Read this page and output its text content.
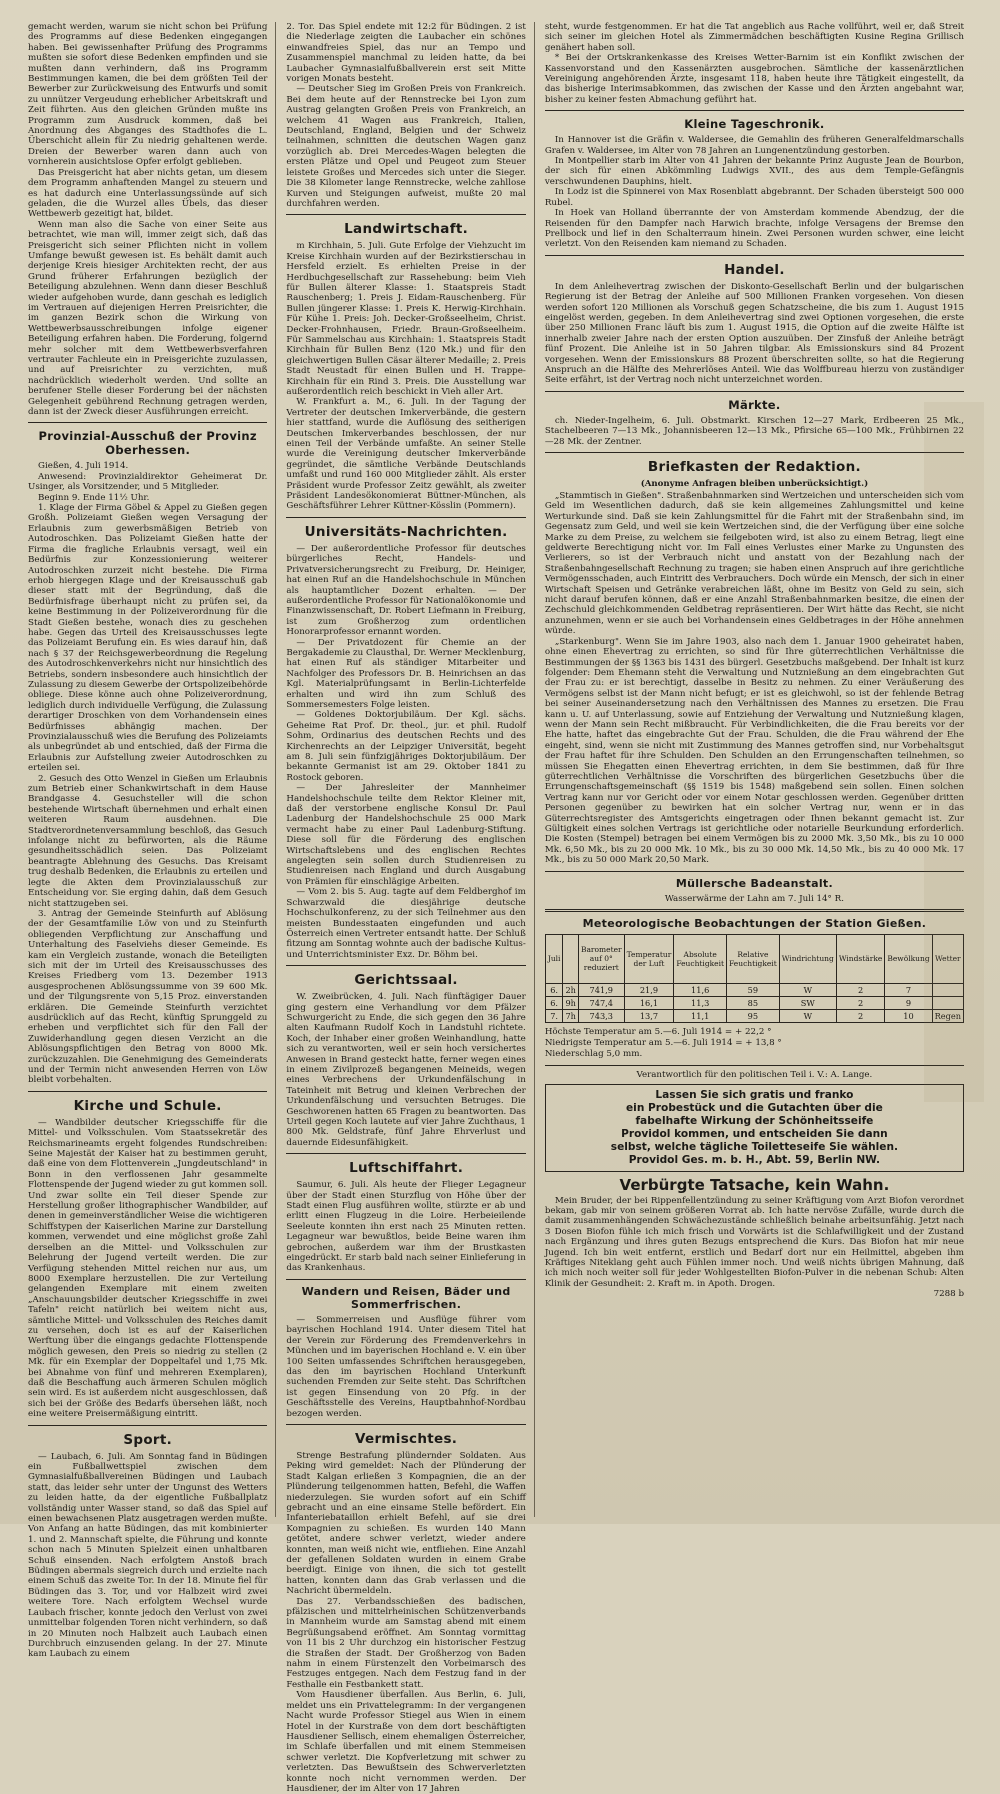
gemacht werden, warum sie nicht schon bei Prüfung des Programms auf diese Bedenken eingegangen haben. Bei gewissenhafter Prüfung des Programms mußten sie sofort diese Bedenken empfinden und sie mußten dann verhindern, daß ins Programm Bestimmungen kamen, die bei dem größten Teil der Bewerber zur Zurückweisung des Entwurfs und somit zu unnützer Vergeudung erheblicher Arbeitskraft und Zeit führten. Aus den gleichen Gründen mußte ins Programm zum Ausdruck kommen, daß bei Anordnung des Abganges des Stadthofes die L. Überschicht allein für Zu niedrig gehaltenen werde. Dreien der Bewerber waren dann auch von vornherein ausichtslose Opfer erfolgt geblieben.

Das Preisgericht hat aber nichts getan, um diesem dem Programm anhaftenden Mangel zu steuern und es hat dadurch eine Unterlassungssünde auf sich geladen, die die Wurzel alles Übels, das dieser Wettbewerb gezeitigt hat, bildet.

Wenn man also die Sache von einer Seite aus betrachtet, wie man will, immer zeigt sich, daß das Preisgericht sich seiner Pflichten nicht in vollem Umfange bewußt gewesen ist. Es behält damit auch derjenige Kreis hiesiger Architekten recht, der aus Grund früherer Erfahrungen bezüglich der Beteiligung abzulehnen. Wenn dann dieser Beschluß wieder aufgehoben wurde, dann geschah es lediglich im Vertrauen auf diejenigen Herren Preisrichter, die im ganzen Bezirk schon die Wirkung von Wettbewerbsausschreibungen infolge eigener Beteiligung erfahren haben. Die Forderung, folgernd mehr solcher mit dem Wettbewerbsverfahren vertrauter Fachleute ein in Preisgerichte zuzulassen, und auf Preisrichter zu verzichten, muß nachdrücklich wiederholt werden. Und sollte an berufener Stelle dieser Forderung bei der nächsten Gelegenheit gebührend Rechnung getragen werden, dann ist der Zweck dieser Ausführungen erreicht.

Provinzial-Ausschuß der Provinz Oberhessen.

Gießen, 4. Juli 1914.

Anwesend: Provinzialdirektor Geheimerat Dr. Usinger, als Vorsitzender, und 5 Mitglieder.

Beginn 9. Ende 11½ Uhr.

1. Klage der Firma Göbel & Appel zu Gießen gegen Großh. Polizeiamt Gießen wegen Versagung der Erlaubnis zum gewerbsmäßigen Betrieb von Autodroschken. Das Polizeiamt Gießen hatte der Firma die fragliche Erlaubnis versagt, weil ein Bedürfnis zur Konzessionierung weiterer Autodroschken zurzeit nicht bestehe. Die Firma erhob hiergegen Klage und der Kreisausschuß gab dieser statt mit der Begründung, daß die Bedürfnisfrage überhaupt nicht zu prüfen sei, da keine Bestimmung in der Polizeiverordnung für die Stadt Gießen bestehe, wonach dies zu geschehen habe. Gegen das Urteil des Kreisausschusses legte das Polizeiamt Berufung ein. Es wies darauf hin, daß nach § 37 der Reichsgewerbeordnung die Regelung des Autodroschkenverkehrs nicht nur hinsichtlich des Betriebs, sondern insbesondere auch hinsichtlich der Zulassung zu diesem Gewerbe der Ortspolizeibehörde obliege. Diese könne auch ohne Polizeiverordnung, lediglich durch individuelle Verfügung, die Zulassung derartiger Droschken von dem Vorhandensein eines Bedürfnisses abhängig machen. Der Provinzialausschuß wies die Berufung des Polizeiamts als unbegründet ab und entschied, daß der Firma die Erlaubnis zur Aufstellung zweier Autodroschken zu erteilen sei.

2. Gesuch des Otto Wenzel in Gießen um Erlaubnis zum Betrieb einer Schankwirtschaft in dem Hause Brandgasse 4. Gesuchsteller will die schon bestehende Wirtschaft übernehmen und erhalt einen weiteren Raum ausdehnen. Die Stadtverordnetenversammlung beschloß, das Gesuch infolange nicht zu befürworten, als die Räume gesundheitsschädlich seien. Das Polizeiamt beantragte Ablehnung des Gesuchs. Das Kreisamt trug deshalb Bedenken, die Erlaubnis zu erteilen und legte die Akten dem Provinzialausschuß zur Entscheidung vor. Sie erging dahin, daß dem Gesuch nicht stattzugeben sei.

3. Antrag der Gemeinde Steinfurth auf Ablösung der der Gesamtfamilie Löw von und zu Steinfurth obliegenden Verpflichtung zur Anschaffung und Unterhaltung des Faselviehs dieser Gemeinde. Es kam ein Vergleich zustande, wonach die Beteiligten sich mit der im Urteil des Kreisausschusses des Kreises Friedberg vom 13. Dezember 1913 ausgesprochenen Ablösungssumme von 39 600 Mk. und der Tilgungsrente von 5,15 Proz. einverstanden erklären. Die Gemeinde Steinfurth verzichtet ausdrücklich auf das Recht, künftig Sprunggeld zu erheben und verpflichtet sich für den Fall der Zuwiderhandlung gegen diesen Verzicht an die Ablösungspflichtigen den Betrag von 8000 Mk. zurückzuzahlen. Die Genehmigung des Gemeinderats und der Termin nicht anwesenden Herren von Löw bleibt vorbehalten.

Kirche und Schule.

— Wandbilder deutscher Kriegsschiffe für die Mittel- und Volksschulen. Vom Staatssekretär des Reichsmarineamts ergeht folgendes Rundschreiben: Seine Majestät der Kaiser hat zu bestimmen geruht, daß eine von dem Flottenverein „Jungdeutschland" in Bonn in den verflossenen Jahr gesammelte Flottenspende der Jugend wieder zu gut kommen soll. Und zwar sollte ein Teil dieser Spende zur Herstellung großer lithographischer Wandbilder, auf denen in gemeinverständlicher Weise die wichtigeren Schiffstypen der Kaiserlichen Marine zur Darstellung kommen, verwendet und eine möglichst große Zahl derselben an die Mittel- und Volksschulen zur Belehrung der Jugend verteilt werden. Die zur Verfügung stehenden Mittel reichen nur aus, um 8000 Exemplare herzustellen. Die zur Verteilung gelangenden Exemplare mit einem zweiten „Anschauungsbilder deutscher Kriegsschiffe in zwei Tafeln" reicht natürlich bei weitem nicht aus, sämtliche Mittel- und Volksschulen des Reiches damit zu versehen, doch ist es auf der Kaiserlichen Werftung über die eingangs gedachte Flottenspende möglich gewesen, den Preis so niedrig zu stellen (2 Mk. für ein Exemplar der Doppeltafel und 1,75 Mk. bei Abnahme von fünf und mehreren Exemplaren), daß die Beschaffung auch ärmeren Schulen möglich sein wird. Es ist außerdem nicht ausgeschlossen, daß sich bei der Größe des Bedarfs übersehen läßt, noch eine weitere Preisermäßigung eintritt.

Sport.

— Laubach, 6. Juli. Am Sonntag fand in Büdingen ein Fußballwettspiel zwischen dem Gymnasialfußballvereinen Büdingen und Laubach statt, das leider sehr unter der Ungunst des Wetters zu leiden hatte, da der eigentliche Fußballplatz vollständig unter Wasser stand, so daß das Spiel auf einen bewachsenen Platz ausgetragen werden mußte. Von Anfang an hatte Büdingen, das mit kombinierter 1. und 2. Mannschaft spielte, die Führung und konnte schon nach 5 Minuten Spielzeit einen unhaltbaren Schuß einsenden. Nach erfolgtem Anstoß brach Büdingen abermals siegreich durch und erzielte nach einem Schuß das zweite Tor. In der 18. Minute fiel für Büdingen das 3. Tor, und vor Halbzeit wird zwei weitere Tore. Nach erfolgtem Wechsel wurde Laubach frischer, konnte jedoch den Verlust von zwei unmittelbar folgenden Toren nicht verhindern, so daß in 20 Minuten noch Halbzeit auch Laubach einen Durchbruch einzusenden gelang. In der 27. Minute kam Laubach zu einem

2. Tor. Das Spiel endete mit 12:2 für Büdingen. 2 ist die Niederlage zeigten die Laubacher ein schönes einwandfreies Spiel, das nur an Tempo und Zusammenspiel manchmal zu leiden hatte, da bei Laubacher Gymnasialfußballverein erst seit Mitte vorigen Monats besteht.

— Deutscher Sieg im Großen Preis von Frankreich. Bei dem heute auf der Rennstrecke bei Lyon zum Austrag gelangten Großen Preis von Frankreich, an welchem 41 Wagen aus Frankreich, Italien, Deutschland, England, Belgien und der Schweiz teilnahmen, schnitten die deutschen Wagen ganz vorzüglich ab. Drei Mercedes-Wagen belegten die ersten Plätze und Opel und Peugeot zum Steuer leistete Großes und Mercedes sich unter die Sieger. Die 38 Kilometer lange Rennstrecke, welche zahllose Kurven und Steigungen aufweist, mußte 20 mal durchfahren werden.

Landwirtschaft.

m Kirchhain, 5. Juli. Gute Erfolge der Viehzucht im Kreise Kirchhain wurden auf der Bezirkstierschau in Hersfeld erzielt. Es erhielten Preise in der Herdbuchgesellschaft zur Rassehebung: beim Vieh für Bullen älterer Klasse: 1. Staatspreis Stadt Rauschenberg; 1. Preis J. Eidam-Rauschenberg. Für Bullen jüngerer Klasse: 1. Preis K. Herwig-Kirchhain. Für Kühe 1. Preis: Joh. Decker-Großseelheim, Christ. Decker-Frohnhausen, Friedr. Braun-Großseelheim. Für Sammelschau aus Kirchhain: 1. Staatspreis Stadt Kirchhain für Bullen Benz (120 Mk.) und für den gleichwertigen Bullen Cäsar älterer Medaille; 2. Preis Stadt Neustadt für einen Bullen und H. Trappe-Kirchhain für ein Rind 3. Preis. Die Ausstellung war außerordentlich reich beschickt in Vieh aller Art.

W. Frankfurt a. M., 6. Juli. In der Tagung der Vertreter der deutschen Imkerverbände, die gestern hier stattfand, wurde die Auflösung des seitherigen Deutschen Imkerverbandes beschlossen, der nur einen Teil der Verbände umfaßte. An seiner Stelle wurde die Vereinigung deutscher Imkerverbände gegründet, die sämtliche Verbände Deutschlands umfaßt und rund 160 000 Mitglieder zählt. Als erster Präsident wurde Professor Zeitz gewählt, als zweiter Präsident Landesökonomierat Büttner-München, als Geschäftsführer Lehrer Küttner-Kösslin (Pommern).

Universitäts-Nachrichten.

— Der außerordentliche Professor für deutsches bürgerliches Recht, Handels- und Privatversicherungsrecht zu Freiburg, Dr. Heiniger, hat einen Ruf an die Handelshochschule in München als hauptamtlicher Dozent erhalten. — Der außerordentliche Professor für Nationalökonomie und Finanzwissenschaft, Dr. Robert Liefmann in Freiburg, ist zum Großherzog zum ordentlichen Honorarprofessor ernannt worden.

— Der Privatdozent für Chemie an der Bergakademie zu Clausthal, Dr. Werner Mecklenburg, hat einen Ruf als ständiger Mitarbeiter und Nachfolger des Professors Dr. B. Heinrichsen an das Kgl. Materialprüfungsamt in Berlin-Lichterfelde erhalten und wird ihn zum Schluß des Sommersemesters Folge leisten.

— Goldenes Doktorjubiläum. Der Kgl. sächs. Geheime Rat Prof. Dr. theol., jur. et phil. Rudolf Sohm, Ordinarius des deutschen Rechts und des Kirchenrechts an der Leipziger Universität, begeht am 8. Juli sein fünfzigjähriges Doktorjubiläum. Der bekannte Germanist ist am 29. Oktober 1841 zu Rostock geboren.

— Der Jahresleiter der Mannheimer Handelshochschule teilte dem Rektor Kleiner mit, daß der verstorbene englische Konsul Dr. Paul Ladenburg der Handelshochschule 25 000 Mark vermacht habe zu einer Paul Ladenburg-Stiftung. Diese soll für die Förderung des englischen Wirtschaftslebens und des englischen Rechtes angelegten sein sollen durch Studienreisen zu Studienreisen nach England und durch Ausgabung von Prämien für einschlägige Arbeiten.

— Vom 2. bis 5. Aug. tagte auf dem Feldberghof im Schwarzwald die diesjährige deutsche Hochschulkonferenz, zu der sich Teilnehmer aus den meisten Bundesstaaten eingefunden und auch Österreich einen Vertreter entsandt hatte. Der Schluß fitzung am Sonntag wohnte auch der badische Kultus- und Unterrichtsminister Exz. Dr. Böhm bei.

Gerichtssaal.

W. Zweibrücken, 4. Juli. Nach fünftägiger Dauer ging gestern eine Verhandlung vor dem Pfälzer Schwurgericht zu Ende, die sich gegen den 36 Jahre alten Kaufmann Rudolf Koch in Landstuhl richtete. Koch, der Inhaber einer großen Weinhandlung, hatte sich zu verantworten, weil er sein hoch versichertes Anwesen in Brand gesteckt hatte, ferner wegen eines in einem Zivilprozeß begangenen Meineids, wegen eines Verbrechens der Urkundenfälschung in Tateinheit mit Betrug und kleinen Verbrechen der Urkundenfälschung und versuchten Betruges. Die Geschworenen hatten 65 Fragen zu beantworten. Das Urteil gegen Koch lautete auf vier Jahre Zuchthaus, 1 800 Mk. Geldstrafe, fünf Jahre Ehrverlust und dauernde Eidesunfähigkeit.

Luftschiffahrt.

Saumur, 6. Juli. Als heute der Flieger Legagneur über der Stadt einen Sturzflug von Höhe über der Stadt einen Flug ausführen wollte, stürzte er ab und erlitt einen Flugzeug in die Loire. Herbeieilende Seeleute konnten ihn erst nach 25 Minuten retten. Legagneur war bewußtlos, beide Beine waren ihm gebrochen, außerdem war ihm der Brustkasten eingedrückt. Er starb bald nach seiner Einlieferung in das Krankenhaus.

Wandern und Reisen, Bäder und Sommerfrischen.

— Sommerreisen und Ausflüge führer vom bayrischen Hochland 1914. Unter diesem Titel hat der Verein zur Förderung des Fremdenverkehrs in München und im bayerischen Hochland e. V. ein über 100 Seiten umfassendes Schriftchen herausgegeben, das den im bayrischen Hochland Unterkunft suchenden Fremden zur Seite steht. Das Schriftchen ist gegen Einsendung von 20 Pfg. in der Geschäftsstelle des Vereins, Hauptbahnhof-Nordbau bezogen werden.

Vermischtes.

Strenge Bestrafung plündernder Soldaten. Aus Peking wird gemeldet: Nach der Plünderung der Stadt Kalgan erließen 3 Kompagnien, die an der Plünderung teilgenommen hatten, Befehl, die Waffen niederzulegen. Sie wurden sofort auf ein Schiff gebracht und an eine einsame Stelle befördert. Ein Infanteriebataillon erhielt Befehl, auf sie drei Kompagnien zu schießen. Es wurden 140 Mann getötet, andere schwer verletzt, wieder andere konnten, man weiß nicht wie, entfliehen. Eine Anzahl der gefallenen Soldaten wurden in einem Grabe beerdigt. Einige von ihnen, die sich tot gestellt hatten, konnten dann das Grab verlassen und die Nachricht übermeldeln.

Das 27. Verbandsschießen des badischen, pfälzischen und mittelrheinischen Schützenverbands in Mannheim wurde am Samstag abend mit einem Begrüßungsabend eröffnet. Am Sonntag vormittag von 11 bis 2 Uhr durchzog ein historischer Festzug die Straßen der Stadt. Der Großherzog von Baden nahm in einem Fürstenzelt den Vorbeimarsch des Festzuges entgegen. Nach dem Festzug fand in der Festhalle ein Festbankett statt.

Vom Hausdiener überfallen. Aus Berlin, 6. Juli, meldet uns ein Privattelegramm: In der vergangenen Nacht wurde Professor Stiegel aus Wien in einem Hotel in der Kurstraße von dem dort beschäftigten Hausdiener Sellisch, einem ehemaligen Österreicher, im Schlafe überfallen und mit einem Stemmeisen schwer verletzt. Die Kopfverletzung mit schwer zu verletzten. Das Bewußtsein des Schwerverletzten konnte noch nicht vernommen werden. Der Hausdiener, der im Alter von 17 Jahren

steht, wurde festgenommen. Er hat die Tat angeblich aus Rache vollführt, weil er, daß Streit sich seiner im gleichen Hotel als Zimmermädchen beschäftigten Kusine Regina Grillisch genähert haben soll.

* Bei der Ortskrankenkasse des Kreises Wetter-Barnim ist ein Konflikt zwischen der Kassenvorstand und den Kassenärzten ausgebrochen. Sämtliche der kassenärztlichen Vereinigung angehörenden Ärzte, insgesamt 118, haben heute ihre Tätigkeit eingestellt, da das bisherige Interimsabkommen, das zwischen der Kasse und den Ärzten angebahnt war, bisher zu keiner festen Abmachung geführt hat.

Kleine Tageschronik.

In Hannover ist die Gräfin v. Waldersee, die Gemahlin des früheren Generalfeldmarschalls Grafen v. Waldersee, im Alter von 78 Jahren an Lungenentzündung gestorben.

In Montpellier starb im Alter von 41 Jahren der bekannte Prinz Auguste Jean de Bourbon, der sich für einen Abkömmling Ludwigs XVII., des aus dem Temple-Gefängnis verschwundenen Dauphins, hielt.

In Lodz ist die Spinnerei von Max Rosenblatt abgebrannt. Der Schaden übersteigt 500 000 Rubel.

In Hoek van Holland überrannte der von Amsterdam kommende Abendzug, der die Reisenden für den Dampfer nach Harwich brachte, infolge Versagens der Bremse den Prellbock und lief in den Schalterraum hinein. Zwei Personen wurden schwer, eine leicht verletzt. Von den Reisenden kam niemand zu Schaden.

Handel.

In dem Anleihevertrag zwischen der Diskonto-Gesellschaft Berlin und der bulgarischen Regierung ist der Betrag der Anleihe auf 500 Millionen Franken vorgesehen. Von diesen werden sofort 120 Millionen als Vorschuß gegen Schatzscheine, die bis zum 1. August 1915 eingelöst werden, gegeben. In dem Anleihevertrag sind zwei Optionen vorgesehen, die erste über 250 Millionen Franc läuft bis zum 1. August 1915, die Option auf die zweite Hälfte ist innerhalb zweier Jahre nach der ersten Option auszuüben. Der Zinsfuß der Anleihe beträgt fünf Prozent. Die Anleihe ist in 50 Jahren tilgbar. Als Emissionskurs sind 84 Prozent vorgesehen. Wenn der Emissionskurs 88 Prozent überschreiten sollte, so hat die Regierung Anspruch an die Hälfte des Mehrerlöses Anteil. Wie das Wolffbureau hierzu von zuständiger Seite erfährt, ist der Vertrag noch nicht unterzeichnet worden.

Märkte.

ch. Nieder-Ingelheim, 6. Juli. Obstmarkt. Kirschen 12—27 Mark, Erdbeeren 25 Mk., Stachelbeeren 7—13 Mk., Johannisbeeren 12—13 Mk., Pfirsiche 65—100 Mk., Frühbirnen 22—28 Mk. der Zentner.

Briefkasten der Redaktion.
(Anonyme Anfragen bleiben unberücksichtigt.)

„Stammtisch in Gießen". Straßenbahnmarken sind Wertzeichen und unterscheiden sich vom Geld im Wesentlichen dadurch, daß sie kein allgemeines Zahlungsmittel und keine Werturkunde sind. Daß sie kein Zahlungsmittel für die Fahrt mit der Straßenbahn sind, im Gegensatz zum Geld, und weil sie kein Wertzeichen sind, die der Verfügung über eine solche Marke zu dem Preise, zu welchem sie feilgeboten wird, ist also zu einem Betrag, liegt eine geldwerte Berechtigung nicht vor. Im Fall eines Verlustes einer Marke zu Ungunsten des Verlierers, so ist der Verbrauch nicht und anstatt von der Bezahlung nach der Straßenbahngesellschaft Rechnung zu tragen; sie haben einen Anspruch auf ihre gerichtliche Vermögensschaden, auch Eintritt des Verbrauchers. Doch würde ein Mensch, der sich in einer Wirtschaft Speisen und Getränke verabreichen läßt, ohne im Besitz von Geld zu sein, sich nicht darauf berufen können, daß er eine Anzahl Straßenbahnmarken besitze, die einen der Zechschuld gleichkommenden Geldbetrag repräsentieren. Der Wirt hätte das Recht, sie nicht anzunehmen, wenn er sie auch bei Vorhandensein eines Geldbetrages in der Höhe annehmen würde.

„Starkenburg". Wenn Sie im Jahre 1903, also nach dem 1. Januar 1900 geheiratet haben, ohne einen Ehevertrag zu errichten, so sind für Ihre güterrechtlichen Verhältnisse die Bestimmungen der §§ 1363 bis 1431 des bürgerl. Gesetzbuchs maßgebend. Der Inhalt ist kurz folgender: Dem Ehemann steht die Verwaltung und Nutznießung an dem eingebrachten Gut der Frau zu: er ist berechtigt, dasselbe in Besitz zu nehmen. Zu einer Veräußerung des Vermögens selbst ist der Mann nicht befugt; er ist es gleichwohl, so ist der fehlende Betrag bei seiner Auseinandersetzung nach den Verhältnissen des Mannes zu ersetzen. Die Frau kann u. U. auf Unterlassung, sowie auf Entziehung der Verwaltung und Nutznießung klagen, wenn der Mann sein Recht mißbraucht. Für Verbindlichkeiten, die die Frau bereits vor der Ehe hatte, haftet das eingebrachte Gut der Frau. Schulden, die die Frau während der Ehe eingeht, sind, wenn sie nicht mit Zustimmung des Mannes getroffen sind, nur Vorbehaltsgut der Frau haftet für ihre Schulden. Den Schulden an den Errungenschaften teilnehmen, so müssen Sie Ehegatten einen Ehevertrag errichten, in dem Sie bestimmen, daß für Ihre güterrechtlichen Verhältnisse die Vorschriften des bürgerlichen Gesetzbuchs über die Errungenschaftsgemeinschaft (§§ 1519 bis 1548) maßgebend sein sollen. Einen solchen Vertrag kann nur vor Gericht oder vor einem Notar geschlossen werden. Gegenüber dritten Personen gegenüber zu bewirken hat ein solcher Vertrag nur, wenn er in das Güterrechtsregister des Amtsgerichts eingetragen oder Ihnen bekannt gemacht ist. Zur Gültigkeit eines solchen Vertrags ist gerichtliche oder notarielle Beurkundung erforderlich. Die Kosten (Stempel) betragen bei einem Vermögen bis zu 2000 Mk. 3,50 Mk., bis zu 10 000 Mk. 6,50 Mk., bis zu 20 000 Mk. 10 Mk., bis zu 30 000 Mk. 14,50 Mk., bis zu 40 000 Mk. 17 Mk., bis zu 50 000 Mark 20,50 Mark.

Müllersche Badeanstalt.
Wasserwärme der Lahn am 7. Juli 14° R.
Meteorologische Beobachtungen der Station Gießen.
Juli		Barometer auf 0° reduziert	Temperatur der Luft	Absolute Feuchtigkeit	Relative Feuchtigkeit	Windrichtung	Windstärke	Bewölkung	Wetter
6.	2h	741,9	21,9	11,6	59	W	2	7	
6.	9h	747,4	16,1	11,3	85	SW	2	9	
7.	7h	743,3	13,7	11,1	95	W	2	10	Regen
Höchste Temperatur am 5.—6. Juli 1914 = + 22,2 °
Niedrigste Temperatur am 5.—6. Juli 1914 = + 13,8 °
Niederschlag 5,0 mm.
Verantwortlich für den politischen Teil i. V.: A. Lange.
Lassen Sie sich gratis und franko
ein Probestück und die Gutachten über die
fabelhafte Wirkung der Schönheitsseife
Providol kommen, und entscheiden Sie dann
selbst, welche tägliche Toiletteseife Sie wählen.
Providol Ges. m. b. H., Abt. 59, Berlin NW.
Verbürgte Tatsache, kein Wahn.

Mein Bruder, der bei Rippenfellentzündung zu seiner Kräftigung vom Arzt Biofon verordnet bekam, gab mir von seinem größeren Vorrat ab. Ich hatte nervöse Zufälle, wurde durch die damit zusammenhängenden Schwächezustände schließlich beinahe arbeitsunfähig. Jetzt nach 3 Dosen Biofon fühle ich mich frisch und Vorwärts ist die Schlafwilligkeit und der Zustand nach Ergänzung und ihres guten Bezugs entsprechend die Kurs. Das Biofon hat mir neue Jugend. Ich bin weit entfernt, erstlich und Bedarf dort nur ein Heilmittel, abgeben ihm Kräftiges Niteklang geht auch Fühlen immer noch. Und weiß nichts übrigen Mahnung, daß ich mich noch weiter soll für jeder Wohlgestellten Biofon-Pulver in die nebenan Schub: Alten Klinik der Gesundheit: 2. Kraft m. in Apoth. Drogen.

7288 b
